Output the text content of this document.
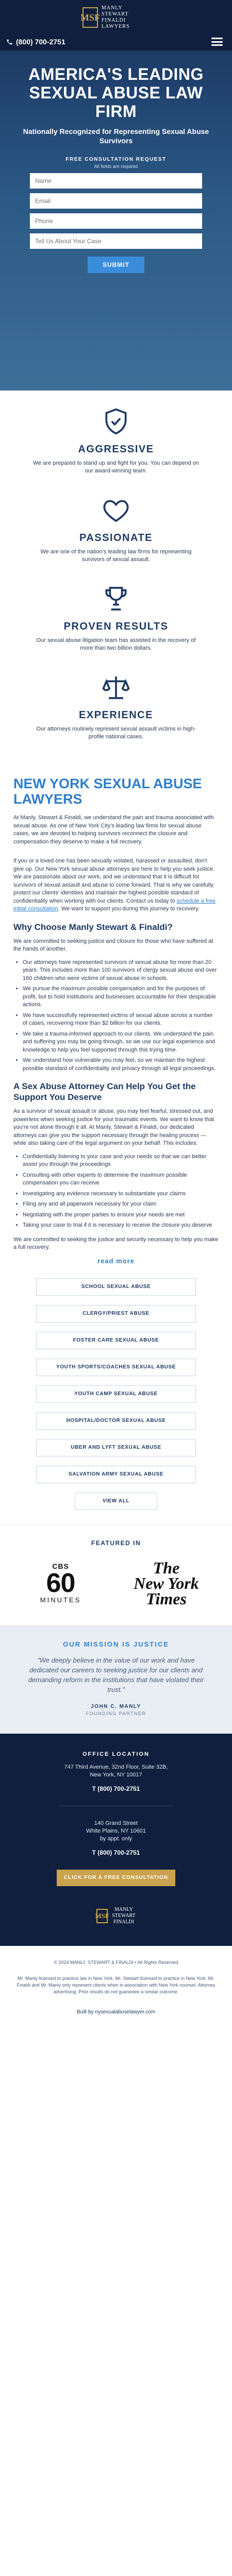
MSF
MANLY
STEWART
FINALDI
LAWYERS
(800) 700-2751
AMERICA'S LEADING SEXUAL ABUSE LAW FIRM

Nationally Recognized for Representing Sexual Abuse Survivors

FREE CONSULTATION REQUEST
All fields are required
Name
Email
Phone
Tell Us About Your Case SUBMIT
AGGRESSIVE

We are prepared to stand up and fight for you. You can depend on our award-winning team.

PASSIONATE

We are one of the nation's leading law firms for representing survivors of sexual assault.

PROVEN RESULTS

Our sexual abuse litigation team has assisted in the recovery of more than two billion dollars.

EXPERIENCE

Our attorneys routinely represent sexual assault victims in high-profile national cases.

NEW YORK SEXUAL ABUSE LAWYERS

At Manly, Stewart & Finaldi, we understand the pain and trauma associated with sexual abuse. As one of New York City's leading law firms for sexual abuse cases, we are devoted to helping survivors reconnect the closure and compensation they deserve to make a full recovery.

If you or a loved one has been sexually violated, harassed or assaulted, don't give up. Our New York sexual abuse attorneys are here to help you seek justice. We are passionate about our work, and we understand that it is difficult for survivors of sexual assault and abuse to come forward. That is why we carefully protect our clients' identities and maintain the highest possible standard of confidentiality when working with our clients. Contact us today to schedule a free initial consultation. We want to support you during this journey to recovery.

Why Choose Manly Stewart & Finaldi?

We are committed to seeking justice and closure for those who have suffered at the hands of another.

• Our attorneys have represented survivors of sexual abuse for more than 20 years. This includes more than 100 survivors of clergy sexual abuse and over 160 children who were victims of sexual abuse in schools.
• We pursue the maximum possible compensation and for the purposes of profit, but to hold institutions and businesses accountable for their despicable actions.
• We have successfully represented victims of sexual abuse across a number of cases, recovering more than $2 billion for our clients.
• We take a trauma-informed approach to our clients. We understand the pain and suffering you may be going through, so we use our legal experience and knowledge to help you feel supported through this trying time.
• We understand how vulnerable you may feel, so we maintain the highest possible standard of confidentiality and privacy through all legal proceedings.
A Sex Abuse Attorney Can Help You Get the Support You Deserve

As a survivor of sexual assault or abuse, you may feel fearful, stressed out, and powerless when seeking justice for your traumatic events. We want to know that you're not alone through it all. At Manly, Stewart & Finaldi, our dedicated attorneys can give you the support necessary through the healing process — while also taking care of the legal argument on your behalf. This includes:

• Confidentially listening to your case and your needs so that we can better assist you through the proceedings
• Consulting with other experts to determine the maximum possible compensation you can receive
• Investigating any evidence necessary to substantiate your claims
• Filing any and all paperwork necessary for your claim
• Negotiating with the proper parties to ensure your needs are met
• Taking your case to trial if it is necessary to receive the closure you deserve

We are committed to seeking the justice and security necessary to help you make a full recovery.

read more
SCHOOL SEXUAL ABUSE
CLERGY/PRIEST ABUSE
FOSTER CARE SEXUAL ABUSE
YOUTH SPORTS/COACHES SEXUAL ABUSE
YOUTH CAMP SEXUAL ABUSE
HOSPITAL/DOCTOR SEXUAL ABUSE
UBER AND LYFT SEXUAL ABUSE
SALVATION ARMY SEXUAL ABUSE
VIEW ALL
FEATURED IN
CBS
60
MINUTES
The
New York
Times
OUR MISSION IS JUSTICE

"We deeply believe in the value of our work and have dedicated our careers to seeking justice for our clients and demanding reform in the institutions that have violated their trust."

JOHN C. MANLY
FOUNDING PARTNER
OFFICE LOCATION
747 Third Avenue, 32nd Floor, Suite 32B,
New York, NY 10017
T (800) 700-2751
140 Grand Street
White Plains, NY 10601
by appt. only
T (800) 700-2751
CLICK FOR A FREE CONSULTATION
MSF
MANLY
STEWART
FINALDI

© 2024 MANLY, STEWART & FINALDI • All Rights Reserved

Mr. Manly licensed to practice law in New York. Mr. Stewart licensed to practice in New York. Mr. Finaldi and Mr. Manly only represent clients when in association with New York counsel. Attorney advertising. Prior results do not guarantee a similar outcome.

Built by nysexualabuselawyer.com
